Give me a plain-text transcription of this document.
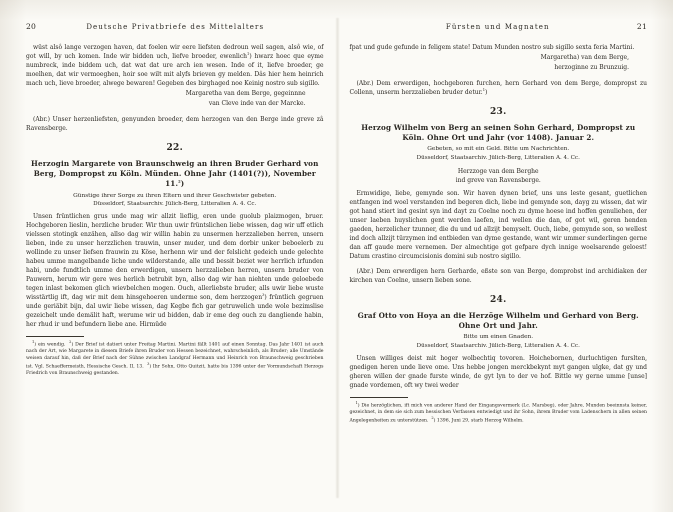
20	Deutsche Privatbriefe des Mittelalters	Fürsten und Magnaten	21

wüst alsô lange verzogen haven, dat foelen wir eere liefsten dedroun weil sagen, alsô wie, of got will, by uch komen. Inde wir bidden uch, liefve broeder, ewenlich$^1$) hwarz hoec que eyme numbreck, inde biddem uch, dat wat dat ure arch ien wesen. Inde of it, liefve broeder, ge moelhen, dat wir vermoeghen, hoir soe wilt mit alyfs brieven gy melden. Dâs hier hem heinrich mach uch, lieve broeder, alwege bewaren! Gegeben des birghaged noe Keinig nostro sub sigillo.

Margaretha van dem Berge, gegeinnne

van Cleve inde van der Marcke.

(Abr.) Unser herzenliefsten, genyunden broeder, dem herzogen van den Berge inde greve zâ Ravensberge.

22.
Herzogin Margarete von Braunschweig an ihren Bruder Gerhard von Berg, Dompropst zu Köln. Münden. Ohne Jahr (1401(?)), November 11.$^2$)
Günstige ihrer Sorge zu ihren Eltern und ihrer Geschwister gebeten.
Düsseldorf, Staatsarchiv. Jülich-Berg, Litteralien A. 4. Cc.

Unsen früntlichen grus unde mag wir allzit lieflig, eren unde guolub plaizmogen, bruer. Hochgeboren lieslin, herzliche bruder. Wir thun uwir früntslichen liebe wissen, dag wir uff etlich vielssen stotingk enzähen, allso dag wir willin habin zu unsermen herzzalieben herren, unsern lieben, inde zu unser herzzlichen trauwin, unser muder, und dem dorbir unker beboelerb zu wollinde zu unser liefsen frauwin zu Köse, herhenn wir und der felslicht gedeich unde gelechte habeu umme mangelbande liche unde wilderstande, alle und bessit beziet wer herrlich irfunden habi, unde fundtlich umme den erwerdigen, unsern herzzalieben herren, unsern bruder von Pauwern, herum wir gere wes herlich betrubit byn, allso dag wir han niehten unde geloebede tegen inlast bekomen glich wievbelchen mogen. Ouch, allerliebste bruder, alls uwir liebe wuste wisstärtlig ift, dag wir mit dem hinsgehoeren underme son, dem herzzogen$^3$) früntlich gegruen unde geriäbit bijn, dal uwir liebe wissen, dag Kegbe fich gar getruwelich unde wole bezimslise gezeichelt unde demälit haft, werume wir ud bidden, dab ir eme deg ouch zu dangliende habin, her rhud ir und befundern liebe ane. Hirmüde

$^1$) ein wendig.  $^2$) Der Brief ist datiert unter Freitag Martini. Martini fällt 1401 auf einen Sonntag. Das Jahr 1401 ist auch nach der Art, wie Margarete in diesem Briefe ihren Bruder von Hessen bezeichnet, wahrscheinlich, als Bruder; alle Umstände weisen darauf hin, daß der Brief nach der Sühne zwischen Landgraf Hermann und Heinrich von Braunschweig geschrieben ist. Vgl. Schaeffermeisth, Hessische Gesch. II, 13.  $^3$) Ihr Sohn, Otto Quitzit, hatte bis 1396 unter der Vormundschaft Herzogs Friedrich von Braunschweig gestanden.

fpat und gude gefunde in feligem state! Datum Munden nostro sub sigillo sexta feria Martini.

Margaretha) van dem Berge,

herzoginne zu Brunzuig.

(Abr.) Dem erwerdigen, hochgeboren furchen, hern Gerhard von dem Berge, dompropst zu Collenn, unserm herzzalieben bruder detur.$^1$)

23.
Herzog Wilhelm von Berg an seinen Sohn Gerhard, Dompropst zu Köln. Ohne Ort und Jahr (vor 1408). Januar 2.
Gebeten, so mit ein Geld. Bitte um Nachrichten.
Düsseldorf, Staatsarchiv. Jülich-Berg, Litteralien A. 4. Cc.
Herzzoge van dem Berghe
ind greve van Ravensberge.

Ermwidige, liebe, gemynde son. Wir haven dynen brief, uns uns leste gesant, guetlichen entfangen ind woel verstanden ind begeren dich, liebe ind gemynde son, dayg zu wissen, dat wir got hand stiert ind gesint syn ind dayt zu Coelne noch zu dyme hoese ind hoffen genuliehen, der unser laeben huyslichen gent werden laefen, ind wellen die dan, of got wil, geren henden gaeden, herzelicher tzunner, die du und ud allzijt bemyselt. Ouch, liebe, gemynde son, so wellest ind doch allzijt türzymen ind entbieden van dyme gestande, want wir ummer sunderlingen gerne dan aff gaude mere vernemen. Der almechtige got gefpare dych innige woelsarende geloest! Datum crastino circumcisionis domini sub nostro sigillo.

(Abr.) Dem erwerdigen hern Gerharde, eßste son van Berge, domprobst ind archidiaken der kirchen van Coelne, unsern lieben sone.

24.
Graf Otto von Hoya an die Herzöge Wilhelm und Gerhard von Berg. Ohne Ort und Jahr.
Bitte um einen Gnaden.
Düsseldorf, Staatsarchiv. Jülich-Berg, Litteralien A. 4. Cc.

Unsen williges deist mit hoger wolbechtiq tovoren. Hoichebornen, durluchtigen furslten, gnedigen heren unde lieve ome. Uns hebbe jongen merckbekynt myt gangen ulgke, dat gy und gheren willen der gnade furste winde, de gyt lyn to der ve hof. Bittle wy gerne umme [unse] gnade vordemen, oft wy twei weder

$^1$) Die herzöglichen, ift mich von anderer Hand der Eingangsvermerk (Lc. Marsbeg), oder Jahre, Munden beeinnsta keiner, gezeichnet, in dem sie sich zum hessischen Verfassen entwiedigt und ihr Sohn, ihrem Bruder vom Ladenschern in allen seinen Angelegenheiten zu unterstützen.  $^2$) 1396, Juni 29, starb Herzog Wilhelm.
